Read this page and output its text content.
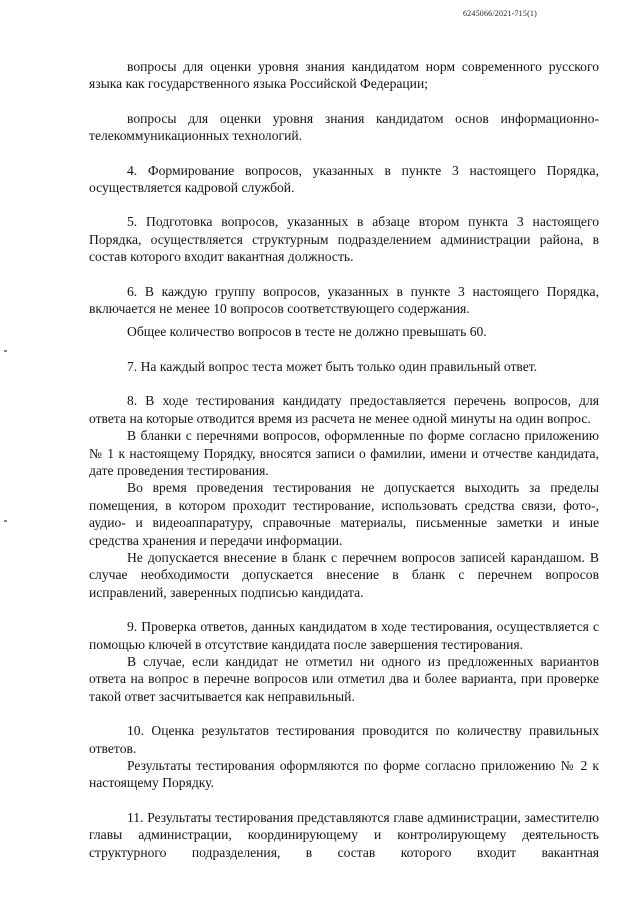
6245066/2021-715(1)

вопросы для оценки уровня знания кандидатом норм современного русского языка как государственного языка Российской Федерации;

вопросы для оценки уровня знания кандидатом основ информационно-телекоммуникационных технологий.

4. Формирование вопросов, указанных в пункте 3 настоящего Порядка, осуществляется кадровой службой.

5. Подготовка вопросов, указанных в абзаце втором пункта 3 настоящего Порядка, осуществляется структурным подразделением администрации района, в состав которого входит вакантная должность.

6. В каждую группу вопросов, указанных в пункте 3 настоящего Порядка, включается не менее 10 вопросов соответствующего содержания.

Общее количество вопросов в тесте не должно превышать 60.

7. На каждый вопрос теста может быть только один правильный ответ.

8. В ходе тестирования кандидату предоставляется перечень вопросов, для ответа на которые отводится время из расчета не менее одной минуты на один вопрос.

В бланки с перечнями вопросов, оформленные по форме согласно приложению № 1 к настоящему Порядку, вносятся записи о фамилии, имени и отчестве кандидата, дате проведения тестирования.

Во время проведения тестирования не допускается выходить за пределы помещения, в котором проходит тестирование, использовать средства связи, фото-, аудио- и видеоаппаратуру, справочные материалы, письменные заметки и иные средства хранения и передачи информации.

Не допускается внесение в бланк с перечнем вопросов записей карандашом. В случае необходимости допускается внесение в бланк с перечнем вопросов исправлений, заверенных подписью кандидата.

9. Проверка ответов, данных кандидатом в ходе тестирования, осуществляется с помощью ключей в отсутствие кандидата после завершения тестирования.

В случае, если кандидат не отметил ни одного из предложенных вариантов ответа на вопрос в перечне вопросов или отметил два и более варианта, при проверке такой ответ засчитывается как неправильный.

10. Оценка результатов тестирования проводится по количеству правильных ответов.

Результаты тестирования оформляются по форме согласно приложению № 2 к настоящему Порядку.

11. Результаты тестирования представляются главе администрации, заместителю главы администрации, координирующему и контролирующему деятельность структурного подразделения, в состав которого входит вакантная
